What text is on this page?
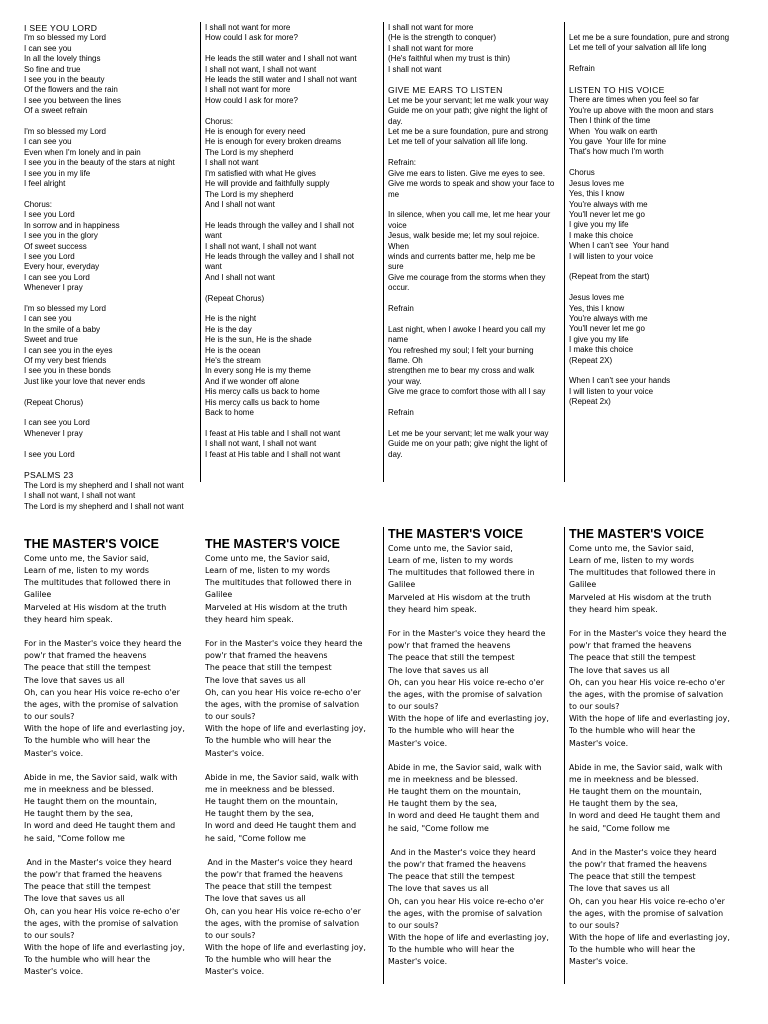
I SEE YOU LORD

I'm so blessed my Lord

I can see you

In all the lovely things

So fine and true

I see you in the beauty

Of the flowers and the rain

I see you between the lines

Of a sweet refrain

I'm so blessed my Lord

I can see you

Even when I'm lonely and in pain

I see you in the beauty of the stars at night

I see you in my life

I feel alright

Chorus:

I see you Lord

In sorrow and in happiness

I see you in the glory

Of sweet success

I see you Lord

Every hour, everyday

I can see you Lord

Whenever I pray

I'm so blessed my Lord

I can see you

In the smile of a baby

Sweet and true

I can see you in the eyes

Of my very best friends

I see you in these bonds

Just like your love that never ends

(Repeat Chorus)

I can see you Lord

Whenever I pray

I see you Lord

PSALMS 23

The Lord is my shepherd and I shall not want

I shall not want, I shall not want

The Lord is my shepherd and I shall not want

I shall not want for more

How could I ask for more?

He leads the still water and I shall not want

I shall not want, I shall not want

He leads the still water and I shall not want

I shall not want for more

How could I ask for more?

Chorus:

He is enough for every need

He is enough for every broken dreams

The Lord is my shepherd

I shall not want

I'm satisfied with what He gives

He will provide and faithfully supply

The Lord is my shepherd

And I shall not want

He leads through the valley and I shall not

want

I shall not want, I shall not want

He leads through the valley and I shall not

want

And I shall not want

(Repeat Chorus)

He is the night

He is the day

He is the sun, He is the shade

He is the ocean

He's the stream

In every song He is my theme

And if we wonder off alone

His mercy calls us back to home

His mercy calls us back to home

Back to home

I feast at His table and I shall not want

I shall not want, I shall not want

I feast at His table and I shall not want

I shall not want for more

(He is the strength to conquer)

I shall not want for more

(He's faithful when my trust is thin)

I shall not want

GIVE ME EARS TO LISTEN

Let me be your servant; let me walk your way

Guide me on your path; give night the light of

day.

Let me be a sure foundation, pure and strong

Let me tell of your salvation all life long.

Refrain:

Give me ears to listen. Give me eyes to see.

Give me words to speak and show your face to

me

In silence, when you call me, let me hear your

voice

Jesus, walk beside me; let my soul rejoice.

When

winds and currents batter me, help me be

sure

Give me courage from the storms when they

occur.

Refrain

Last night, when I awoke I heard you call my

name

You refreshed my soul; I felt your burning

flame. Oh

strengthen me to bear my cross and walk

your way.

Give me grace to comfort those with all I say

Refrain

Let me be your servant; let me walk your way

Guide me on your path; give night the light of

day.

Let me be a sure foundation, pure and strong

Let me tell of your salvation all life long

Refrain

LISTEN TO HIS VOICE

There are times when you feel so far

You're up above with the moon and stars

Then I think of the time

When  You walk on earth

You gave  Your life for mine

That's how much I'm worth

Chorus

Jesus loves me

Yes, this I know

You're always with me

You'll never let me go

I give you my life

I make this choice

When I can't see  Your hand

I will listen to your voice

(Repeat from the start)

Jesus loves me

Yes, this I know

You're always with me

You'll never let me go

I give you my life

I make this choice

(Repeat 2X)

When I can't see your hands

I will listen to your voice

(Repeat 2x)

THE MASTER'S VOICE

Come unto me, the Savior said,

Learn of me, listen to my words

The multitudes that followed there in

Galilee

Marveled at His wisdom at the truth

they heard him speak.

For in the Master's voice they heard the

pow'r that framed the heavens

The peace that still the tempest

The love that saves us all

Oh, can you hear His voice re-echo o'er

the ages, with the promise of salvation

to our souls?

With the hope of life and everlasting joy,

To the humble who will hear the

Master's voice.

Abide in me, the Savior said, walk with

me in meekness and be blessed.

He taught them on the mountain,

He taught them by the sea,

In word and deed He taught them and

he said, "Come follow me

And in the Master's voice they heard

the pow'r that framed the heavens

The peace that still the tempest

The love that saves us all

Oh, can you hear His voice re-echo o'er

the ages, with the promise of salvation

to our souls?

With the hope of life and everlasting joy,

To the humble who will hear the

Master's voice.

THE MASTER'S VOICE

Come unto me, the Savior said,

Learn of me, listen to my words

The multitudes that followed there in

Galilee

Marveled at His wisdom at the truth

they heard him speak.

For in the Master's voice they heard the

pow'r that framed the heavens

The peace that still the tempest

The love that saves us all

Oh, can you hear His voice re-echo o'er

the ages, with the promise of salvation

to our souls?

With the hope of life and everlasting joy,

To the humble who will hear the

Master's voice.

Abide in me, the Savior said, walk with

me in meekness and be blessed.

He taught them on the mountain,

He taught them by the sea,

In word and deed He taught them and

he said, "Come follow me

And in the Master's voice they heard

the pow'r that framed the heavens

The peace that still the tempest

The love that saves us all

Oh, can you hear His voice re-echo o'er

the ages, with the promise of salvation

to our souls?

With the hope of life and everlasting joy,

To the humble who will hear the

Master's voice.

THE MASTER'S VOICE

Come unto me, the Savior said,

Learn of me, listen to my words

The multitudes that followed there in

Galilee

Marveled at His wisdom at the truth

they heard him speak.

For in the Master's voice they heard the

pow'r that framed the heavens

The peace that still the tempest

The love that saves us all

Oh, can you hear His voice re-echo o'er

the ages, with the promise of salvation

to our souls?

With the hope of life and everlasting joy,

To the humble who will hear the

Master's voice.

Abide in me, the Savior said, walk with

me in meekness and be blessed.

He taught them on the mountain,

He taught them by the sea,

In word and deed He taught them and

he said, "Come follow me

And in the Master's voice they heard

the pow'r that framed the heavens

The peace that still the tempest

The love that saves us all

Oh, can you hear His voice re-echo o'er

the ages, with the promise of salvation

to our souls?

With the hope of life and everlasting joy,

To the humble who will hear the

Master's voice.

THE MASTER'S VOICE

Come unto me, the Savior said,

Learn of me, listen to my words

The multitudes that followed there in

Galilee

Marveled at His wisdom at the truth

they heard him speak.

For in the Master's voice they heard the

pow'r that framed the heavens

The peace that still the tempest

The love that saves us all

Oh, can you hear His voice re-echo o'er

the ages, with the promise of salvation

to our souls?

With the hope of life and everlasting joy,

To the humble who will hear the

Master's voice.

Abide in me, the Savior said, walk with

me in meekness and be blessed.

He taught them on the mountain,

He taught them by the sea,

In word and deed He taught them and

he said, "Come follow me

And in the Master's voice they heard

the pow'r that framed the heavens

The peace that still the tempest

The love that saves us all

Oh, can you hear His voice re-echo o'er

the ages, with the promise of salvation

to our souls?

With the hope of life and everlasting joy,

To the humble who will hear the

Master's voice.
